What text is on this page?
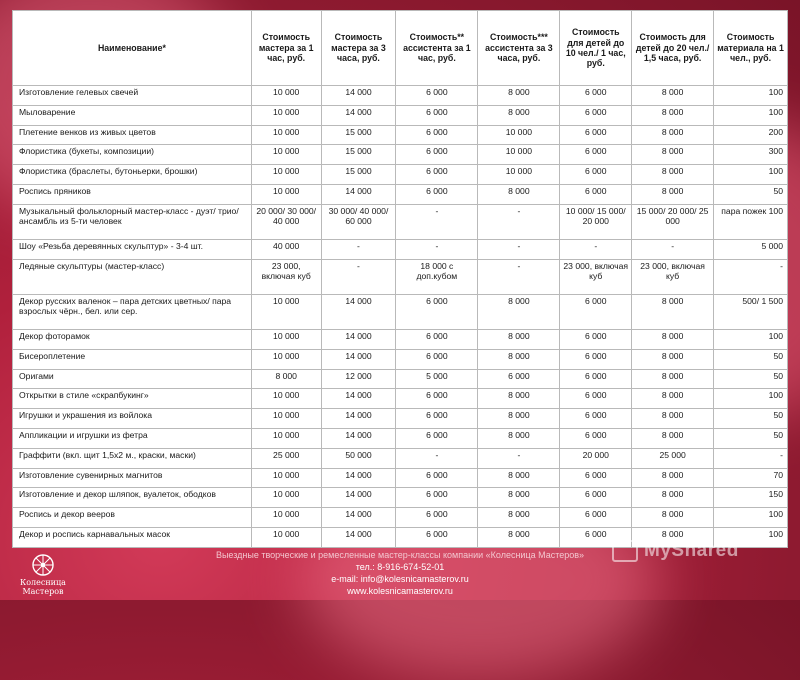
Наименование*	Стоимость мастера за 1 час, руб.	Стоимость мастера за 3 часа, руб.	Стоимость** ассистента за 1 час, руб.	Стоимость*** ассистента за 3 часа, руб.	Стоимость для детей до 10 чел./ 1 час, руб.	Стоимость для детей до 20 чел./ 1,5 часа, руб.	Стоимость материала на 1 чел., руб.
Изготовление гелевых свечей	10 000	14 000	6 000	8 000	6 000	8 000	100
Мыловарение	10 000	14 000	6 000	8 000	6 000	8 000	100
Плетение венков из живых цветов	10 000	15 000	6 000	10 000	6 000	8 000	200
Флористика (букеты, композиции)	10 000	15 000	6 000	10 000	6 000	8 000	300
Флористика (браслеты, бутоньерки, брошки)	10 000	15 000	6 000	10 000	6 000	8 000	100
Роспись пряников	10 000	14 000	6 000	8 000	6 000	8 000	50
Музыкальный фольклорный мастер-класс - дуэт/ трио/ ансамбль из 5-ти человек	20 000/ 30 000/ 40 000	30 000/ 40 000/ 60 000	-	-	10 000/ 15 000/ 20 000	15 000/ 20 000/ 25 000	пара пожек 100
Шоу «Резьба деревянных скульптур» - 3-4 шт.	40 000	-	-	-	-	-	5 000
Ледяные скульптуры (мастер-класс)	23 000, включая куб	-	18 000 с доп.кубом	-	23 000, включая куб	23 000, включая куб	-
Декор русских валенок – пара детских цветных/ пара взрослых чёрн., бел. или сер.	10 000	14 000	6 000	8 000	6 000	8 000	500/ 1 500
Декор фоторамок	10 000	14 000	6 000	8 000	6 000	8 000	100
Бисероплетение	10 000	14 000	6 000	8 000	6 000	8 000	50
Оригами	8 000	12 000	5 000	6 000	6 000	8 000	50
Открытки в стиле «скрапбукинг»	10 000	14 000	6 000	8 000	6 000	8 000	100
Игрушки и украшения из войлока	10 000	14 000	6 000	8 000	6 000	8 000	50
Аппликации и игрушки из фетра	10 000	14 000	6 000	8 000	6 000	8 000	50
Граффити (вкл. щит 1,5х2 м., краски, маски)	25 000	50 000	-	-	20 000	25 000	-
Изготовление сувенирных магнитов	10 000	14 000	6 000	8 000	6 000	8 000	70
Изготовление и декор шляпок, вуалеток, ободков	10 000	14 000	6 000	8 000	6 000	8 000	150
Роспись и декор вееров	10 000	14 000	6 000	8 000	6 000	8 000	100
Декор и роспись карнавальных масок	10 000	14 000	6 000	8 000	6 000	8 000	100
MyShared
Колесница
Мастеров
Выездные творческие и ремесленные мастер-классы компании «Колесница Мастеров»
тел.: 8-916-674-52-01
e-mail: info@kolesnicamasterov.ru
www.kolesnicamasterov.ru
